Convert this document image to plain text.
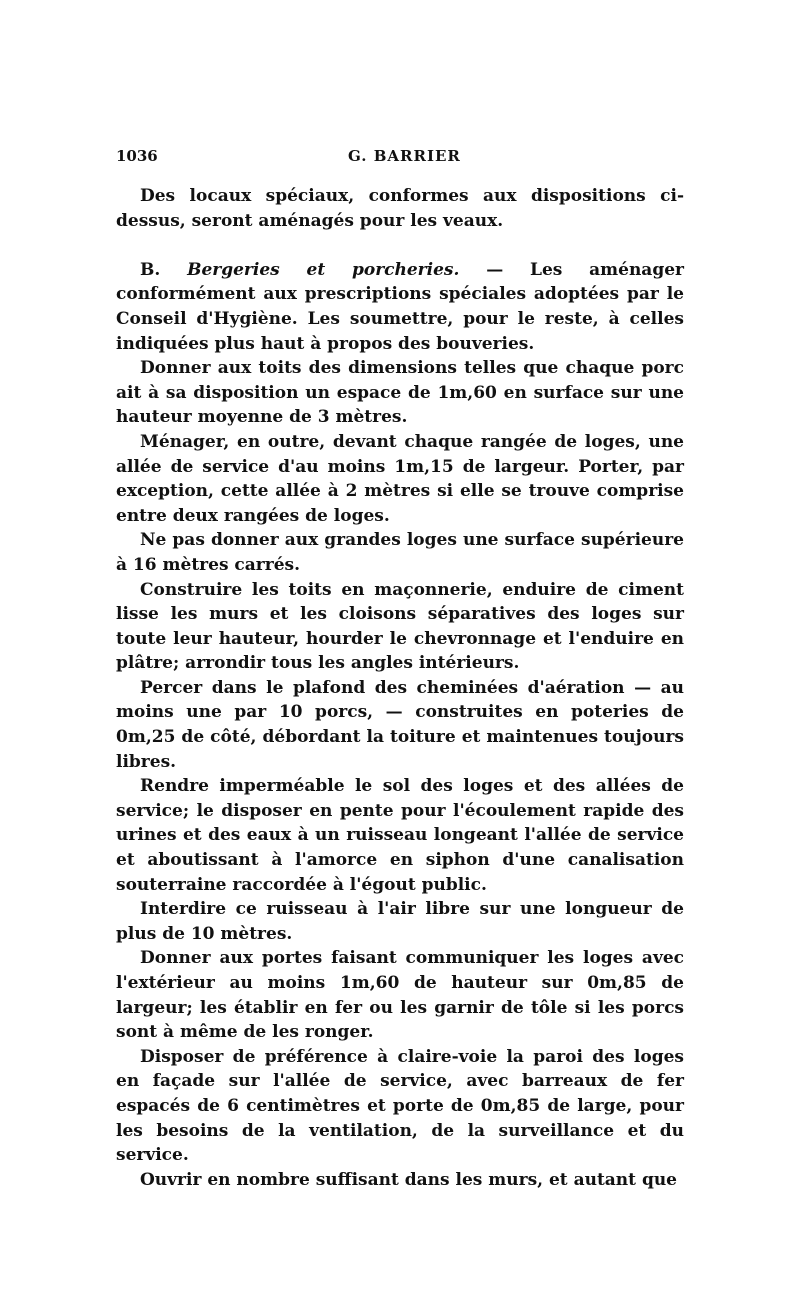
1036	G. BARRIER

Des locaux spéciaux, conformes aux dispositions ci-dessus, seront aménagés pour les veaux.

B. Bergeries et porcheries. — Les aménager conformément aux prescriptions spéciales adoptées par le Conseil d'Hygiène. Les soumettre, pour le reste, à celles indiquées plus haut à propos des bouveries.

Donner aux toits des dimensions telles que chaque porc ait à sa disposition un espace de 1m,60 en surface sur une hauteur moyenne de 3 mètres.

Ménager, en outre, devant chaque rangée de loges, une allée de service d'au moins 1m,15 de largeur. Porter, par exception, cette allée à 2 mètres si elle se trouve comprise entre deux rangées de loges.

Ne pas donner aux grandes loges une surface supérieure à 16 mètres carrés.

Construire les toits en maçonnerie, enduire de ciment lisse les murs et les cloisons séparatives des loges sur toute leur hauteur, hourder le chevronnage et l'enduire en plâtre; arrondir tous les angles intérieurs.

Percer dans le plafond des cheminées d'aération — au moins une par 10 porcs, — construites en poteries de 0m,25 de côté, débordant la toiture et maintenues toujours libres.

Rendre imperméable le sol des loges et des allées de service; le disposer en pente pour l'écoulement rapide des urines et des eaux à un ruisseau longeant l'allée de service et aboutissant à l'amorce en siphon d'une canalisation souterraine raccordée à l'égout public.

Interdire ce ruisseau à l'air libre sur une longueur de plus de 10 mètres.

Donner aux portes faisant communiquer les loges avec l'extérieur au moins 1m,60 de hauteur sur 0m,85 de largeur; les établir en fer ou les garnir de tôle si les porcs sont à même de les ronger.

Disposer de préférence à claire-voie la paroi des loges en façade sur l'allée de service, avec barreaux de fer espacés de 6 centimètres et porte de 0m,85 de large, pour les besoins de la ventilation, de la surveillance et du service.

Ouvrir en nombre suffisant dans les murs, et autant que
